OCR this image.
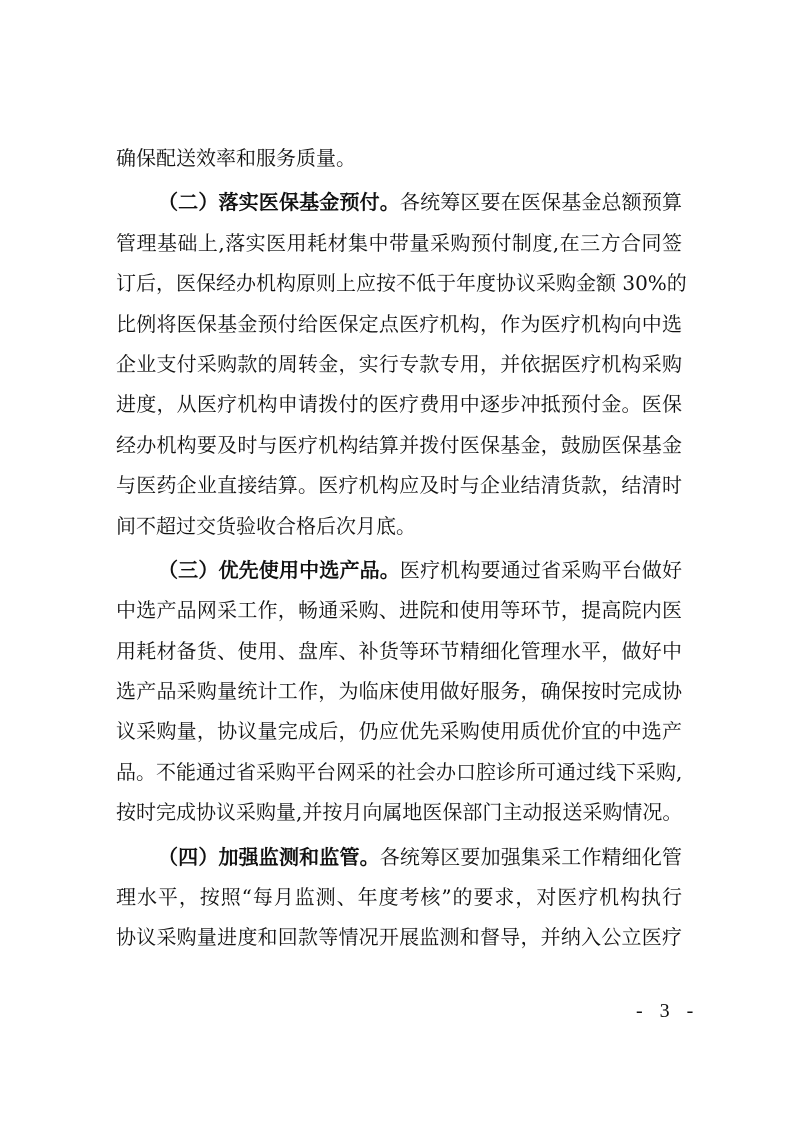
确保配送效率和服务质量。
（二）落实医保基金预付。各统筹区要在医保基金总额预算
管理基础上,落实医用耗材集中带量采购预付制度,在三方合同签
订后，医保经办机构原则上应按不低于年度协议采购金额 30%的
比例将医保基金预付给医保定点医疗机构，作为医疗机构向中选
企业支付采购款的周转金，实行专款专用，并依据医疗机构采购
进度，从医疗机构申请拨付的医疗费用中逐步冲抵预付金。医保
经办机构要及时与医疗机构结算并拨付医保基金，鼓励医保基金
与医药企业直接结算。医疗机构应及时与企业结清货款，结清时
间不超过交货验收合格后次月底。
（三）优先使用中选产品。医疗机构要通过省采购平台做好
中选产品网采工作，畅通采购、进院和使用等环节，提高院内医
用耗材备货、使用、盘库、补货等环节精细化管理水平，做好中
选产品采购量统计工作，为临床使用做好服务，确保按时完成协
议采购量，协议量完成后，仍应优先采购使用质优价宜的中选产
品。不能通过省采购平台网采的社会办口腔诊所可通过线下采购,
按时完成协议采购量,并按月向属地医保部门主动报送采购情况。
（四）加强监测和监管。各统筹区要加强集采工作精细化管
理水平，按照“每月监测、年度考核”的要求，对医疗机构执行
协议采购量进度和回款等情况开展监测和督导，并纳入公立医疗
- 3 -
